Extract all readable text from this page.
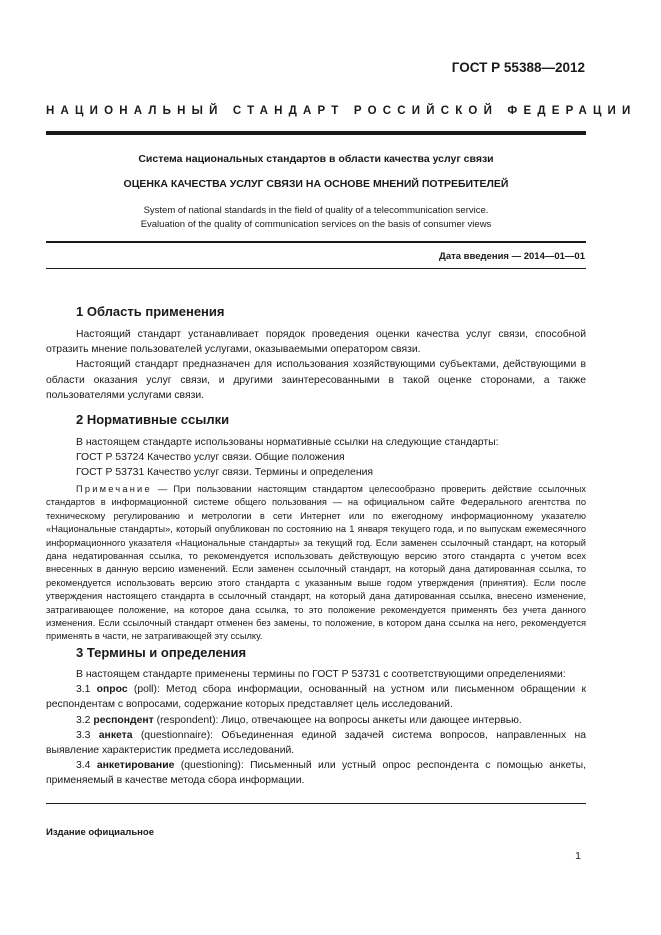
ГОСТ Р 55388—2012
НАЦИОНАЛЬНЫЙ СТАНДАРТ РОССИЙСКОЙ ФЕДЕРАЦИИ
Система национальных стандартов в области качества услуг связи
ОЦЕНКА КАЧЕСТВА УСЛУГ СВЯЗИ НА ОСНОВЕ МНЕНИЙ ПОТРЕБИТЕЛЕЙ
System of national standards in the field of quality of a telecommunication service.
Evaluation of the quality of communication services on the basis of consumer views
Дата введения — 2014—01—01
1 Область применения

Настоящий стандарт устанавливает порядок проведения оценки качества услуг связи, способной отразить мнение пользователей услугами, оказываемыми оператором связи.

Настоящий стандарт предназначен для использования хозяйствующими субъектами, действующими в области оказания услуг связи, и другими заинтересованными в такой оценке сторонами, а также пользователями услугами связи.

2 Нормативные ссылки

В настоящем стандарте использованы нормативные ссылки на следующие стандарты:

ГОСТ Р 53724 Качество услуг связи. Общие положения

ГОСТ Р 53731 Качество услуг связи. Термины и определения

Примечание — При пользовании настоящим стандартом целесообразно проверить действие ссылочных стандартов в информационной системе общего пользования — на официальном сайте Федерального агентства по техническому регулированию и метрологии в сети Интернет или по ежегодному информационному указателю «Национальные стандарты», который опубликован по состоянию на 1 января текущего года, и по выпускам ежемесячного информационного указателя «Национальные стандарты» за текущий год. Если заменен ссылочный стандарт, на который дана недатированная ссылка, то рекомендуется использовать действующую версию этого стандарта с учетом всех внесенных в данную версию изменений. Если заменен ссылочный стандарт, на который дана датированная ссылка, то рекомендуется использовать версию этого стандарта с указанным выше годом утверждения (принятия). Если после утверждения настоящего стандарта в ссылочный стандарт, на который дана датированная ссылка, внесено изменение, затрагивающее положение, на которое дана ссылка, то это положение рекомендуется применять без учета данного изменения. Если ссылочный стандарт отменен без замены, то положение, в котором дана ссылка на него, рекомендуется применять в части, не затрагивающей эту ссылку.

3 Термины и определения

В настоящем стандарте применены термины по ГОСТ Р 53731 с соответствующими определениями:

3.1 опрос (poll): Метод сбора информации, основанный на устном или письменном обращении к респондентам с вопросами, содержание которых представляет цель исследований.

3.2 респондент (respondent): Лицо, отвечающее на вопросы анкеты или дающее интервью.

3.3 анкета (questionnaire): Объединенная единой задачей система вопросов, направленных на выявление характеристик предмета исследований.

3.4 анкетирование (questioning): Письменный или устный опрос респондента с помощью анкеты, применяемый в качестве метода сбора информации.

Издание официальное
1
